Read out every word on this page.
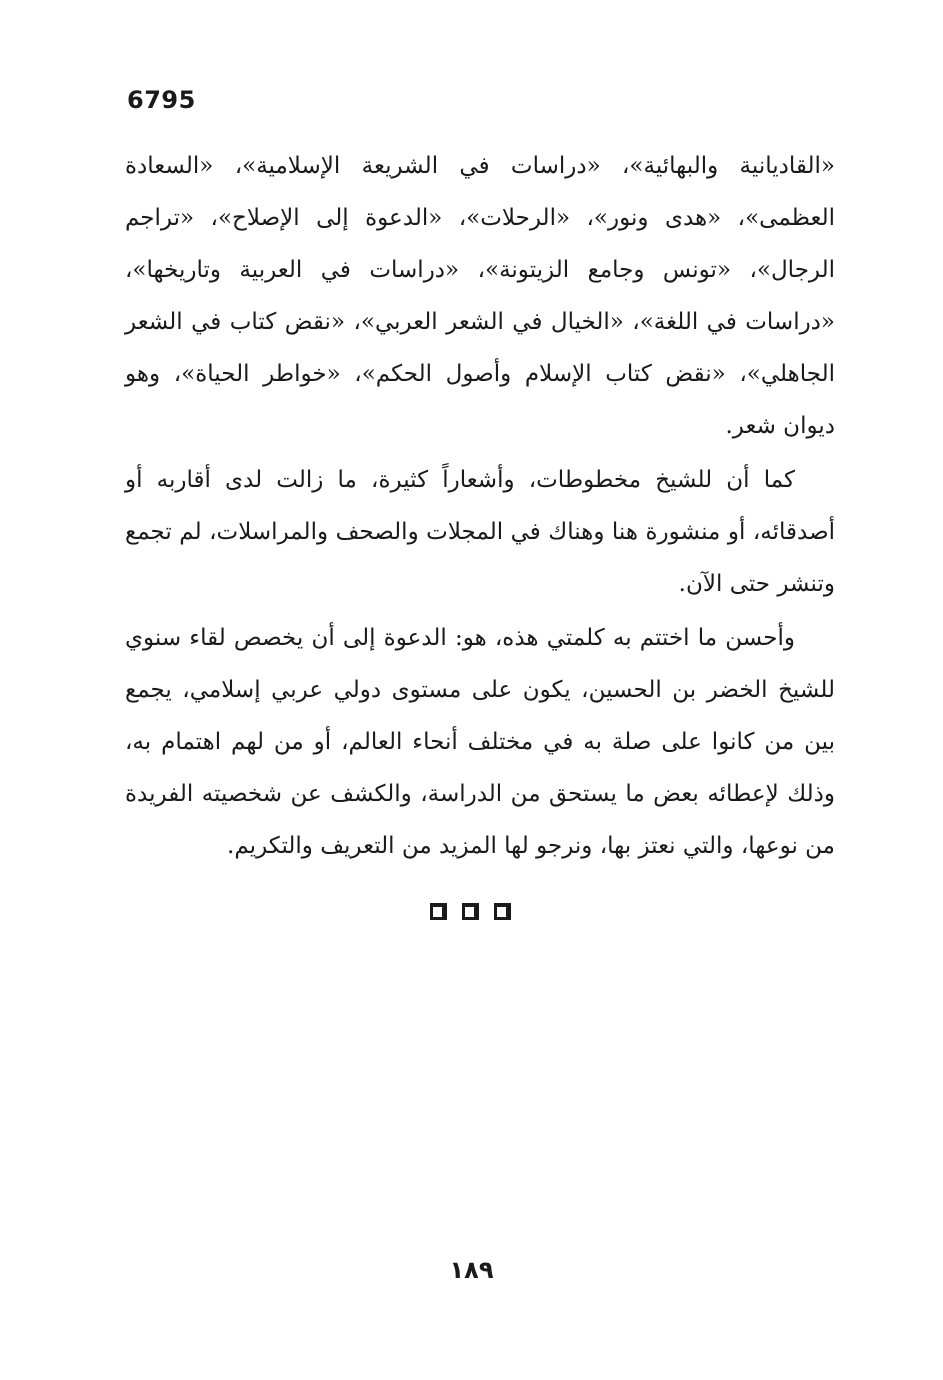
6795

«القاديانية والبهائية»، «دراسات في الشريعة الإسلامية»، «السعادة العظمى»، «هدى ونور»، «الرحلات»، «الدعوة إلى الإصلاح»، «تراجم الرجال»، «تونس وجامع الزيتونة»، «دراسات في العربية وتاريخها»، «دراسات في اللغة»، «الخيال في الشعر العربي»، «نقض كتاب في الشعر الجاهلي»، «نقض كتاب الإسلام وأصول الحكم»، «خواطر الحياة»، وهو ديوان شعر.

كما أن للشيخ مخطوطات، وأشعاراً كثيرة، ما زالت لدى أقاربه أو أصدقائه، أو منشورة هنا وهناك في المجلات والصحف والمراسلات، لم تجمع وتنشر حتى الآن.

وأحسن ما اختتم به كلمتي هذه، هو: الدعوة إلى أن يخصص لقاء سنوي للشيخ الخضر بن الحسين، يكون على مستوى دولي عربي إسلامي، يجمع بين من كانوا على صلة به في مختلف أنحاء العالم، أو من لهم اهتمام به، وذلك لإعطائه بعض ما يستحق من الدراسة، والكشف عن شخصيته الفريدة من نوعها، والتي نعتز بها، ونرجو لها المزيد من التعريف والتكريم.

١٨٩
